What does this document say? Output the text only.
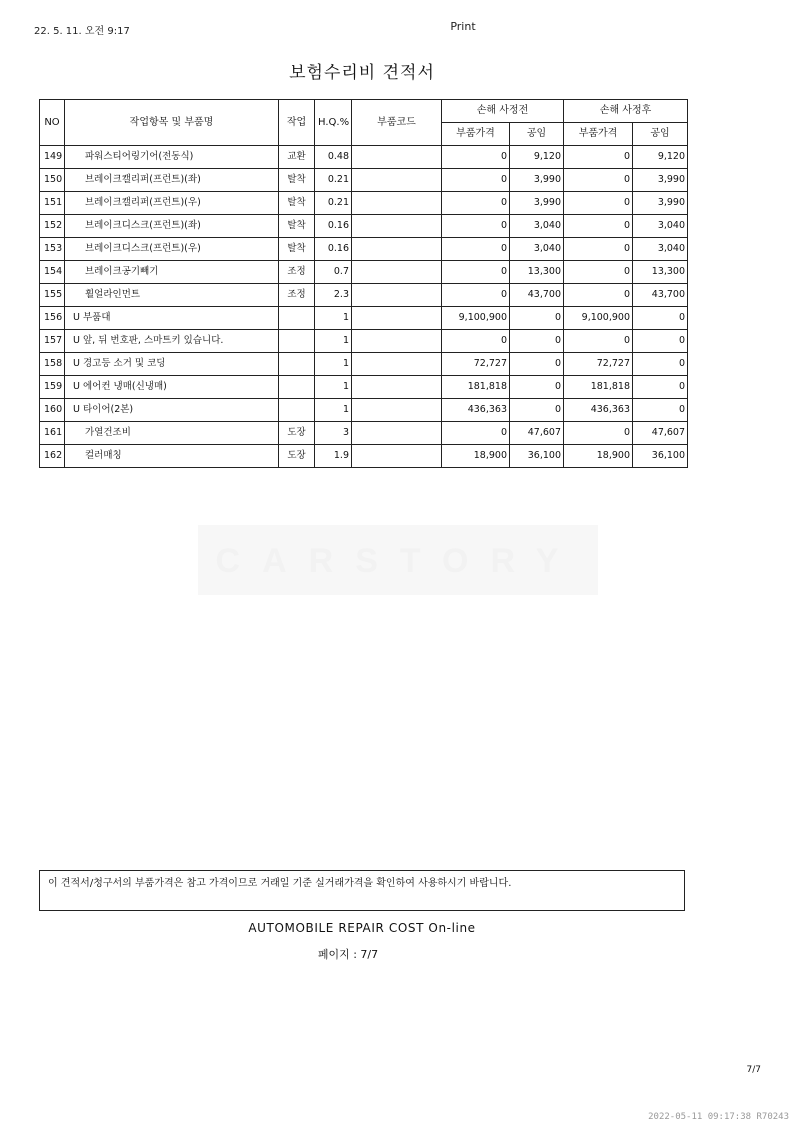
22. 5. 11. 오전 9:17	Print
보험수리비 견적서
CARSTORY
NO	작업항목 및 부품명	작업	H.Q.%	부품코드	손해 사정전		손해 사정후	
					부품가격	공임	부품가격	공임
149	파워스티어링기어(전동식)	교환	0.48		0	9,120	0	9,120
150	브레이크캘리퍼(프런트)(좌)	탈착	0.21		0	3,990	0	3,990
151	브레이크캘리퍼(프런트)(우)	탈착	0.21		0	3,990	0	3,990
152	브레이크디스크(프런트)(좌)	탈착	0.16		0	3,040	0	3,040
153	브레이크디스크(프런트)(우)	탈착	0.16		0	3,040	0	3,040
154	브레이크공기빼기	조정	0.7		0	13,300	0	13,300
155	휠얼라인먼트	조정	2.3		0	43,700	0	43,700
156	U 부품대		1		9,100,900	0	9,100,900	0
157	U 앞, 뒤 번호판, 스마트키 있습니다.		1		0	0	0	0
158	U 경고등 소거 및 코딩		1		72,727	0	72,727	0
159	U 에어컨 냉매(신냉매)		1		181,818	0	181,818	0
160	U 타이어(2본)		1		436,363	0	436,363	0
161	가열건조비	도장	3		0	47,607	0	47,607
162	컬러매칭	도장	1.9		18,900	36,100	18,900	36,100
이 견적서/청구서의 부품가격은 참고 가격이므로 거래일 기준 실거래가격을 확인하여 사용하시기 바랍니다.
AUTOMOBILE REPAIR COST On-line
페이지 : 7/7
7/7
2022-05-11 09:17:38 R70243
